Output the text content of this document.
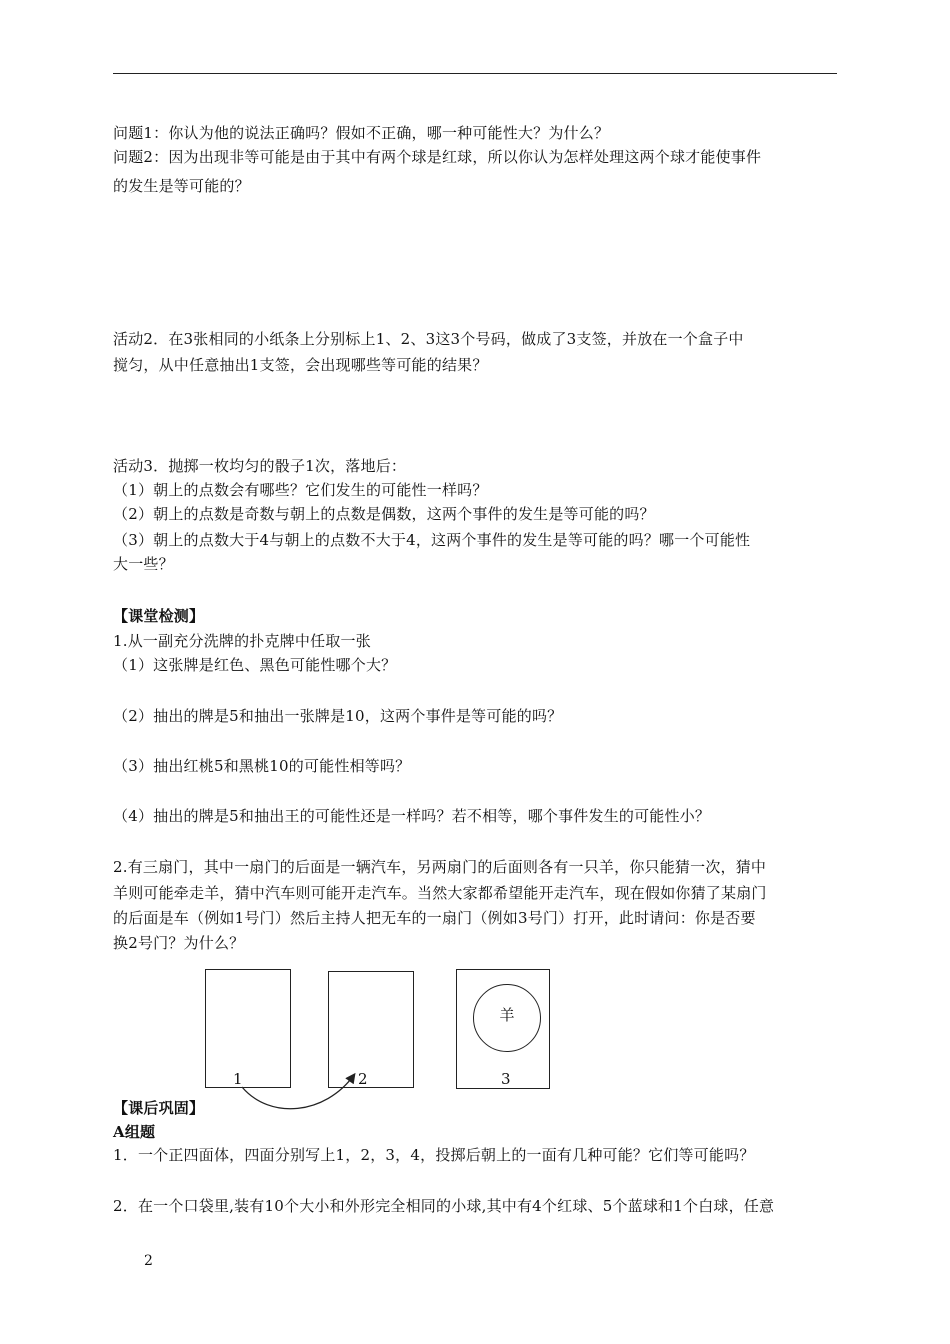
问题1：你认为他的说法正确吗？假如不正确，哪一种可能性大？为什么？
问题2：因为出现非等可能是由于其中有两个球是红球，所以你认为怎样处理这两个球才能使事件
的发生是等可能的？
活动2．在3张相同的小纸条上分别标上1、2、3这3个号码，做成了3支签，并放在一个盒子中
搅匀，从中任意抽出1支签，会出现哪些等可能的结果？
活动3．抛掷一枚均匀的骰子1次，落地后：
（1）朝上的点数会有哪些？它们发生的可能性一样吗？
（2）朝上的点数是奇数与朝上的点数是偶数，这两个事件的发生是等可能的吗？
（3）朝上的点数大于4与朝上的点数不大于4，这两个事件的发生是等可能的吗？哪一个可能性
大一些？
【课堂检测】
1.从一副充分洗牌的扑克牌中任取一张
（1）这张牌是红色、黑色可能性哪个大？
（2）抽出的牌是5和抽出一张牌是10，这两个事件是等可能的吗？
（3）抽出红桃5和黑桃10的可能性相等吗？
（4）抽出的牌是5和抽出王的可能性还是一样吗？若不相等，哪个事件发生的可能性小？
2.有三扇门，其中一扇门的后面是一辆汽车，另两扇门的后面则各有一只羊，你只能猜一次，猜中
羊则可能牵走羊，猜中汽车则可能开走汽车。当然大家都希望能开走汽车，现在假如你猜了某扇门
的后面是车（例如1号门）然后主持人把无车的一扇门（例如3号门）打开，此时请问：你是否要
换2号门？为什么？
羊
1	2	3
【课后巩固】
A组题
1．一个正四面体，四面分别写上1，2，3，4，投掷后朝上的一面有几种可能？它们等可能吗？
2．在一个口袋里,装有10个大小和外形完全相同的小球,其中有4个红球、5个蓝球和1个白球，任意
2
